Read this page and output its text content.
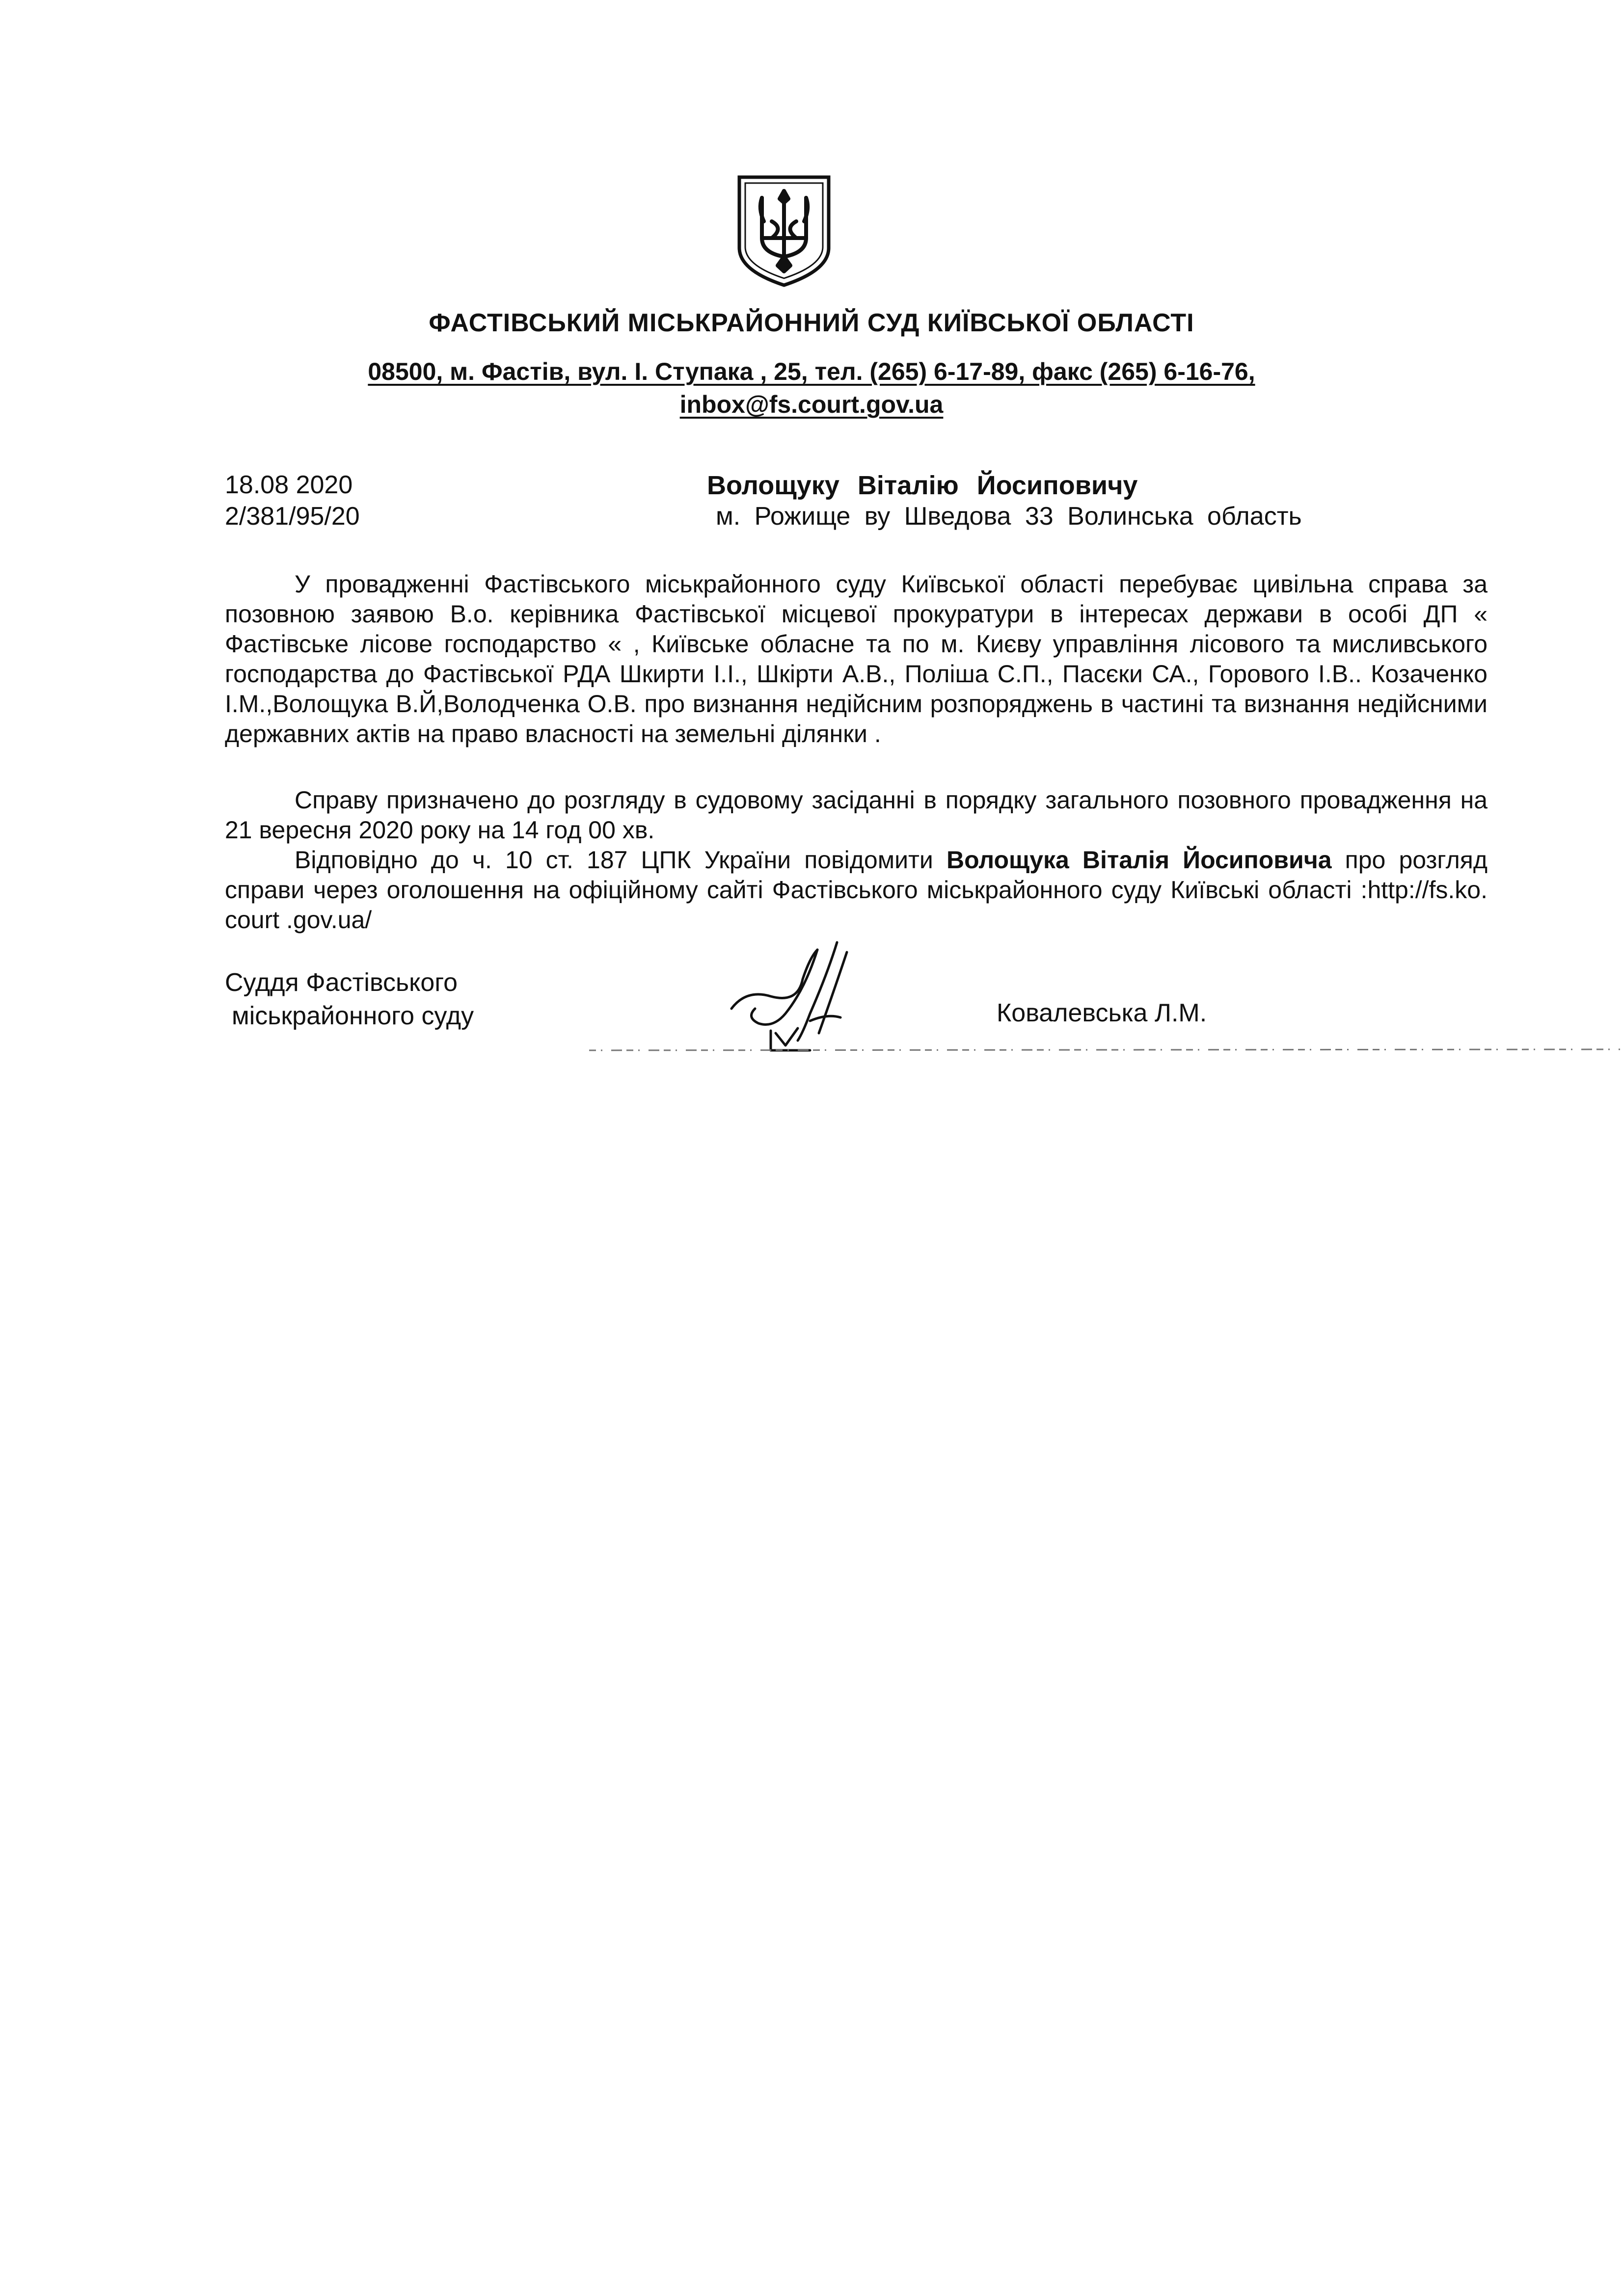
ФАСТІВСЬКИЙ МІСЬКРАЙОННИЙ СУД КИЇВСЬКОЇ ОБЛАСТІ
08500, м. Фастів, вул. І. Ступака , 25, тел. (265) 6-17-89, факс (265) 6-16-76,
inbox@fs.court.gov.ua
18.08 2020
2/381/95/20
Волощуку Віталію Йосиповичу
м. Рожище ву Шведова 33 Волинська область
У провадженні Фастівського міськрайонного суду Київської області перебуває цивільна справа за позовною заявою В.о. керівника Фастівської місцевої прокуратури в інтересах держави в особі ДП « Фастівське лісове господарство « , Київське обласне та по м. Києву управління лісового та мисливського господарства до Фастівської РДА Шкирти І.І., Шкірти А.В., Поліша С.П., Пасєки СА., Горового І.В.. Козаченко І.М.,Волощука В.Й,Володченка О.В. про визнання недійсним розпоряджень в частині та визнання недійсними державних актів на право власності на земельні ділянки .
Справу призначено до розгляду в судовому засіданні в порядку загального позовного провадження на 21 вересня 2020 року на 14 год 00 хв.
Відповідно до ч. 10 ст. 187 ЦПК України повідомити Волощука Віталія Йосиповича про розгляд справи через оголошення на офіційному сайті Фастівського міськрайонного суду Київські області :http://fs.ko. court .gov.ua/
Суддя Фастівського
міськрайонного суду	Ковалевська Л.М.
